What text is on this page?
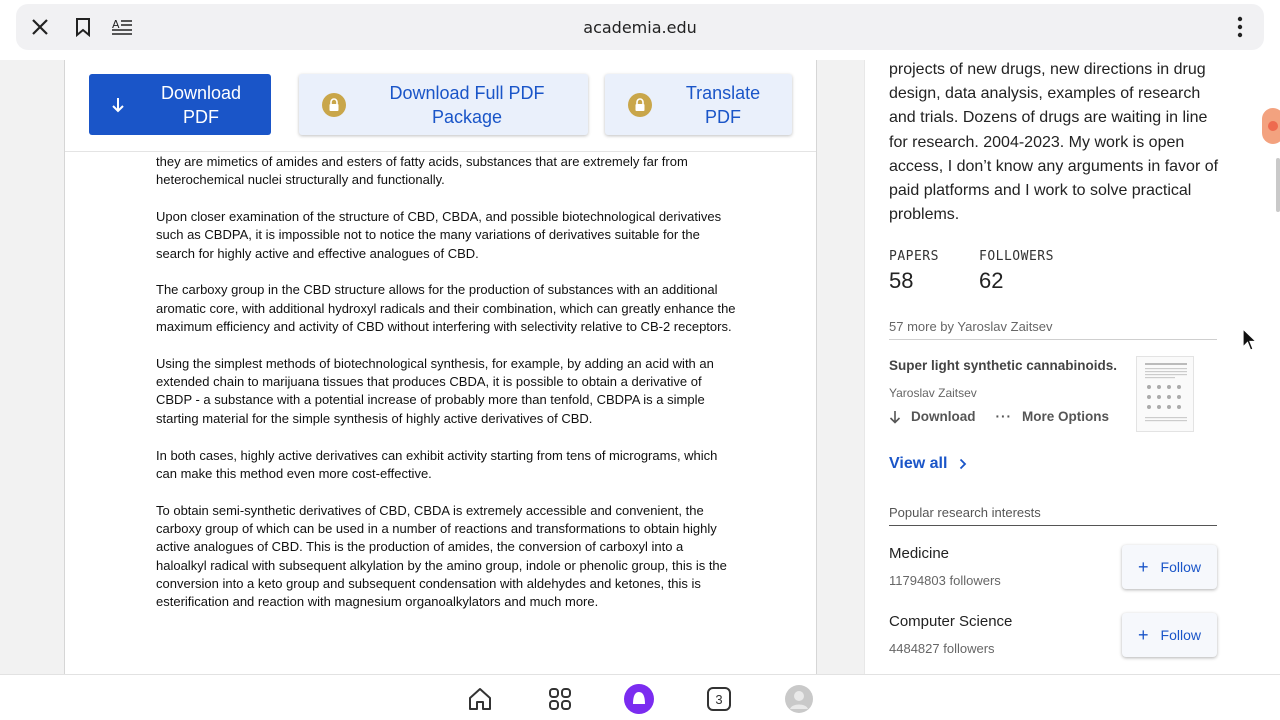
A	academia.edu
Download PDF
Download Full PDF Package
Translate PDF

they are mimetics of amides and esters of fatty acids, substances that are extremely far from heterochemical nuclei structurally and functionally.

Upon closer examination of the structure of CBD, CBDA, and possible biotechnological derivatives such as CBDPA, it is impossible not to notice the many variations of derivatives suitable for the search for highly active and effective analogues of CBD.

The carboxy group in the CBD structure allows for the production of substances with an additional aromatic core, with additional hydroxyl radicals and their combination, which can greatly enhance the maximum efficiency and activity of CBD without interfering with selectivity relative to CB-2 receptors.

Using the simplest methods of biotechnological synthesis, for example, by adding an acid with an extended chain to marijuana tissues that produces CBDA, it is possible to obtain a derivative of CBDP - a substance with a potential increase of probably more than tenfold, CBDPA is a simple starting material for the simple synthesis of highly active derivatives of CBD.

In both cases, highly active derivatives can exhibit activity starting from tens of micrograms, which can make this method even more cost-effective.

To obtain semi-synthetic derivatives of CBD, CBDA is extremely accessible and convenient, the carboxy group of which can be used in a number of reactions and transformations to obtain highly active analogues of CBD. This is the production of amides, the conversion of carboxyl into a haloalkyl radical with subsequent alkylation by the amino group, indole or phenolic group, this is the conversion into a keto group and subsequent condensation with aldehydes and ketones, this is esterification and reaction with magnesium organoalkylators and much more.

projects of new drugs, new directions in drug design, data analysis, examples of research and trials. Dozens of drugs are waiting in line for research. 2004-2023. My work is open access, I don’t know any arguments in favor of paid platforms and I work to solve practical problems.
PAPERS
58
FOLLOWERS
62
57 more by Yaroslav Zaitsev
Super light synthetic cannabinoids.
Yaroslav Zaitsev
Download ··· More Options
View all
Popular research interests
Medicine
11794803 followers
+ Follow
Computer Science
4484827 followers
+ Follow
3
